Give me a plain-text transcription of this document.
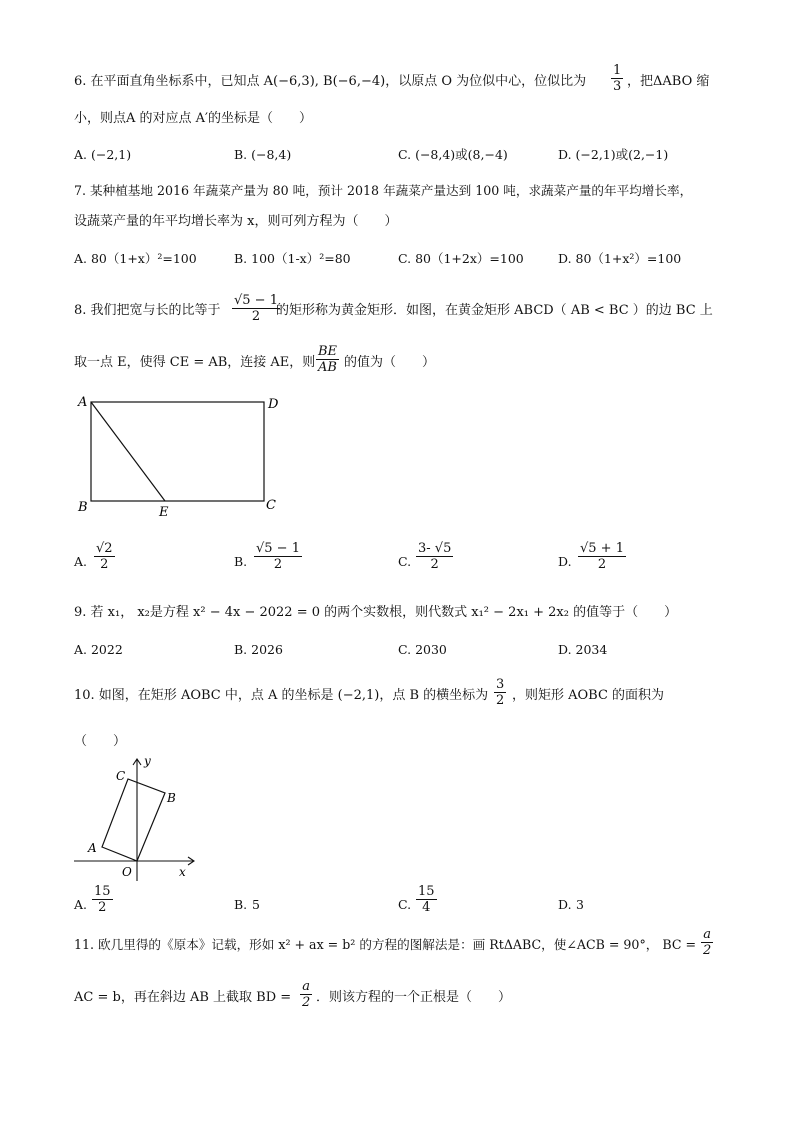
6. 在平面直角坐标系中，已知点 A(−6,3), B(−6,−4)，以原点 O 为位似中心，位似比为 $\frac{1}{3}$ ，把ΔABO 缩
小，则点A 的对应点 A′的坐标是（　　）
A. (−2,1)	B. (−8,4)	C. (−8,4)或(8,−4)	D. (−2,1)或(2,−1)
7. 某种植基地 2016 年蔬菜产量为 80 吨，预计 2018 年蔬菜产量达到 100 吨，求蔬菜产量的年平均增长率，
设蔬菜产量的年平均增长率为 x，则可列方程为（　　）
A. 80（1+x）²=100	B. 100（1-x）²=80	C. 80（1+2x）=100	D. 80（1+x²）=100
8. 我们把宽与长的比等于 $\frac{√5 - 1}{2}$
的矩形称为黄金矩形．如图，在黄金矩形 ABCD（ AB < BC ）的边 BC 上
取一点 E，使得 CE = AB，连接 AE，则 $\frac{BE}{AB}$ 的值为（　　）
A	D
B	E	C
A. $\frac{√2}{2}$	B. $\frac{√5 - 1}{2}$	C. $\frac{3- √5}{2}$	D. $\frac{√5 + 1}{2}$
9. 若 x₁， x₂是方程 x² − 4x − 2022 = 0 的两个实数根，则代数式 x₁² − 2x₁ + 2x₂ 的值等于（　　）
A. 2022	B. 2026	C. 2030	D. 2034
10. 如图，在矩形 AOBC 中，点 A 的坐标是 (−2,1)，点 B 的横坐标为 $\frac{3}{2}$ ，则矩形 AOBC 的面积为
（　　）
y
x
C
B
A
O
A. $\frac{15}{2}$	B. 5	C. $\frac{15}{4}$	D. 3
11. 欧几里得的《原本》记载，形如 x² + ax = b² 的方程的图解法是：画 RtΔABC，使∠ACB = 90°， BC = $\frac{a}{2}$
AC = b，再在斜边 AB 上截取 BD = $\frac{a}{2}$ ．则该方程的一个正根是（　　）
